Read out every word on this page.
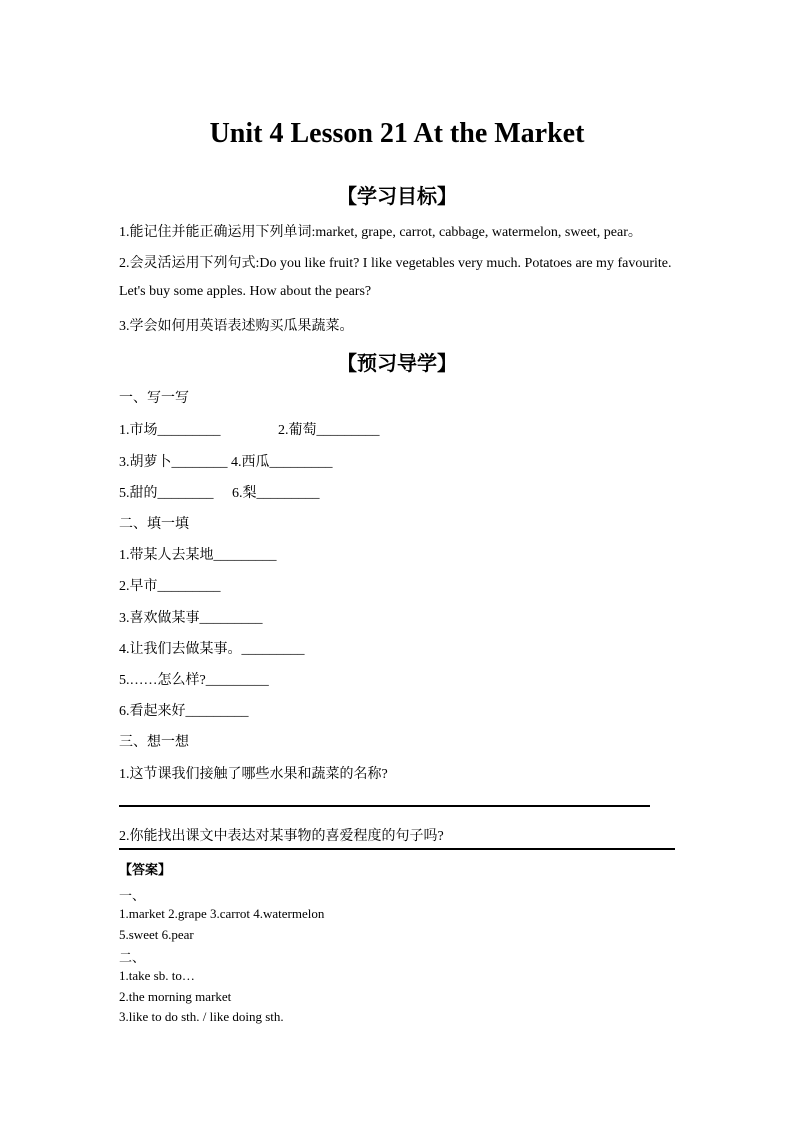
Unit 4 Lesson 21 At the Market
【学习目标】
1.能记住并能正确运用下列单词:market, grape, carrot, cabbage, watermelon, sweet, pear。
2.会灵活运用下列句式:Do you like fruit? I like vegetables very much. Potatoes are my favourite.
Let's buy some apples. How about the pears?
3.学会如何用英语表述购买瓜果蔬菜。
【预习导学】
一、写一写
1.市场_________	2.葡萄_________
3.胡萝卜________ 4.西瓜_________
5.甜的________ 6.梨_________
二、填一填
1.带某人去某地_________
2.早市_________
3.喜欢做某事_________
4.让我们去做某事。_________
5.……怎么样?_________
6.看起来好_________
三、想一想
1.这节课我们接触了哪些水果和蔬菜的名称?
2.你能找出课文中表达对某事物的喜爱程度的句子吗?
【答案】
一、
1.market 2.grape 3.carrot 4.watermelon
5.sweet 6.pear
二、
1.take sb. to…
2.the morning market
3.like to do sth. / like doing sth.
